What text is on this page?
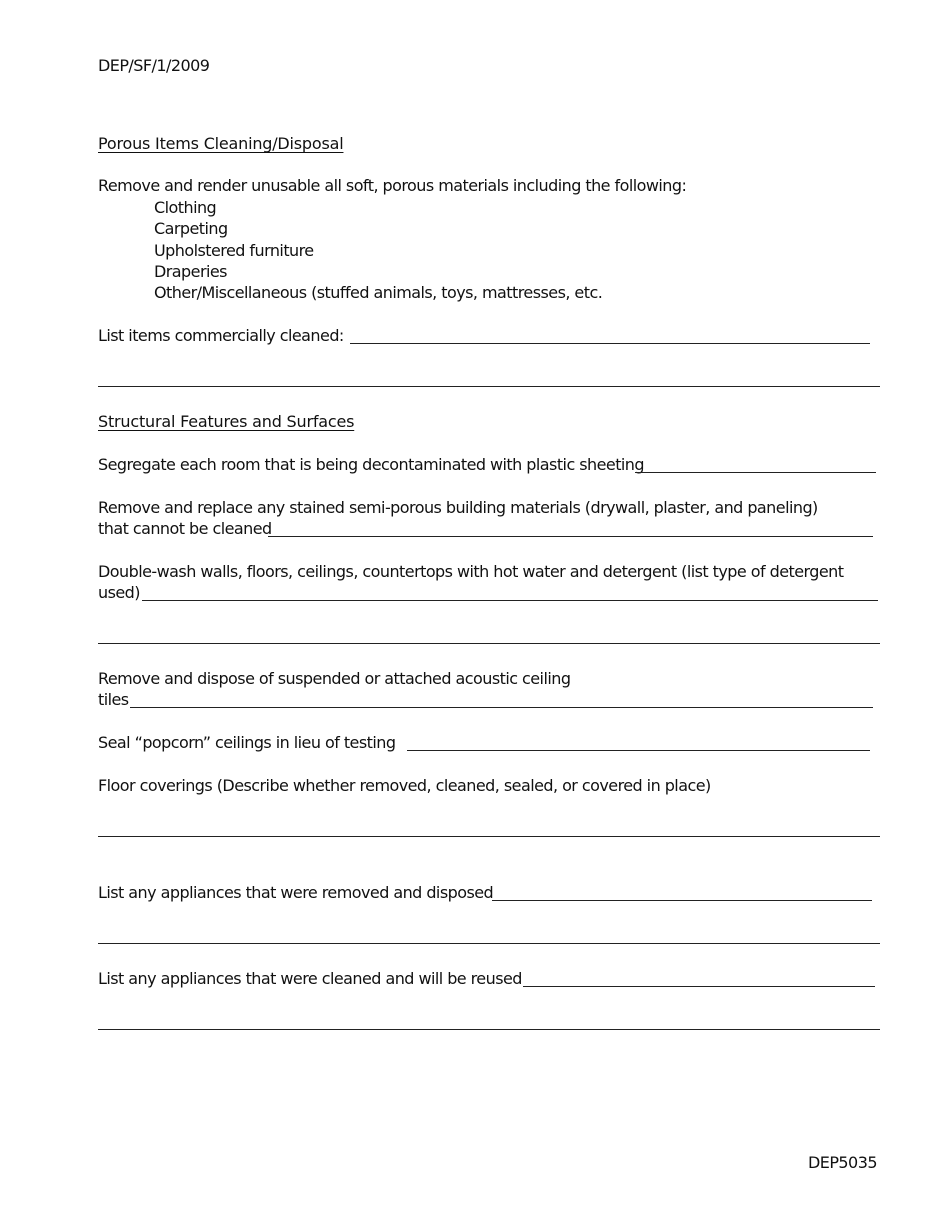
DEP/SF/1/2009

Porous Items Cleaning/Disposal

Remove and render unusable all soft, porous materials including the following:

Clothing

Carpeting

Upholstered furniture

Draperies

Other/Miscellaneous (stuffed animals, toys, mattresses, etc.

List items commercially cleaned:

Structural Features and Surfaces

Segregate each room that is being decontaminated with plastic sheeting

Remove and replace any stained semi-porous building materials (drywall, plaster, and paneling)

that cannot be cleaned

Double-wash walls, floors, ceilings, countertops with hot water and detergent (list type of detergent

used)

Remove and dispose of suspended or attached acoustic ceiling

tiles

Seal “popcorn” ceilings in lieu of testing

Floor coverings (Describe whether removed, cleaned, sealed, or covered in place)

List any appliances that were removed and disposed

List any appliances that were cleaned and will be reused

DEP5035
